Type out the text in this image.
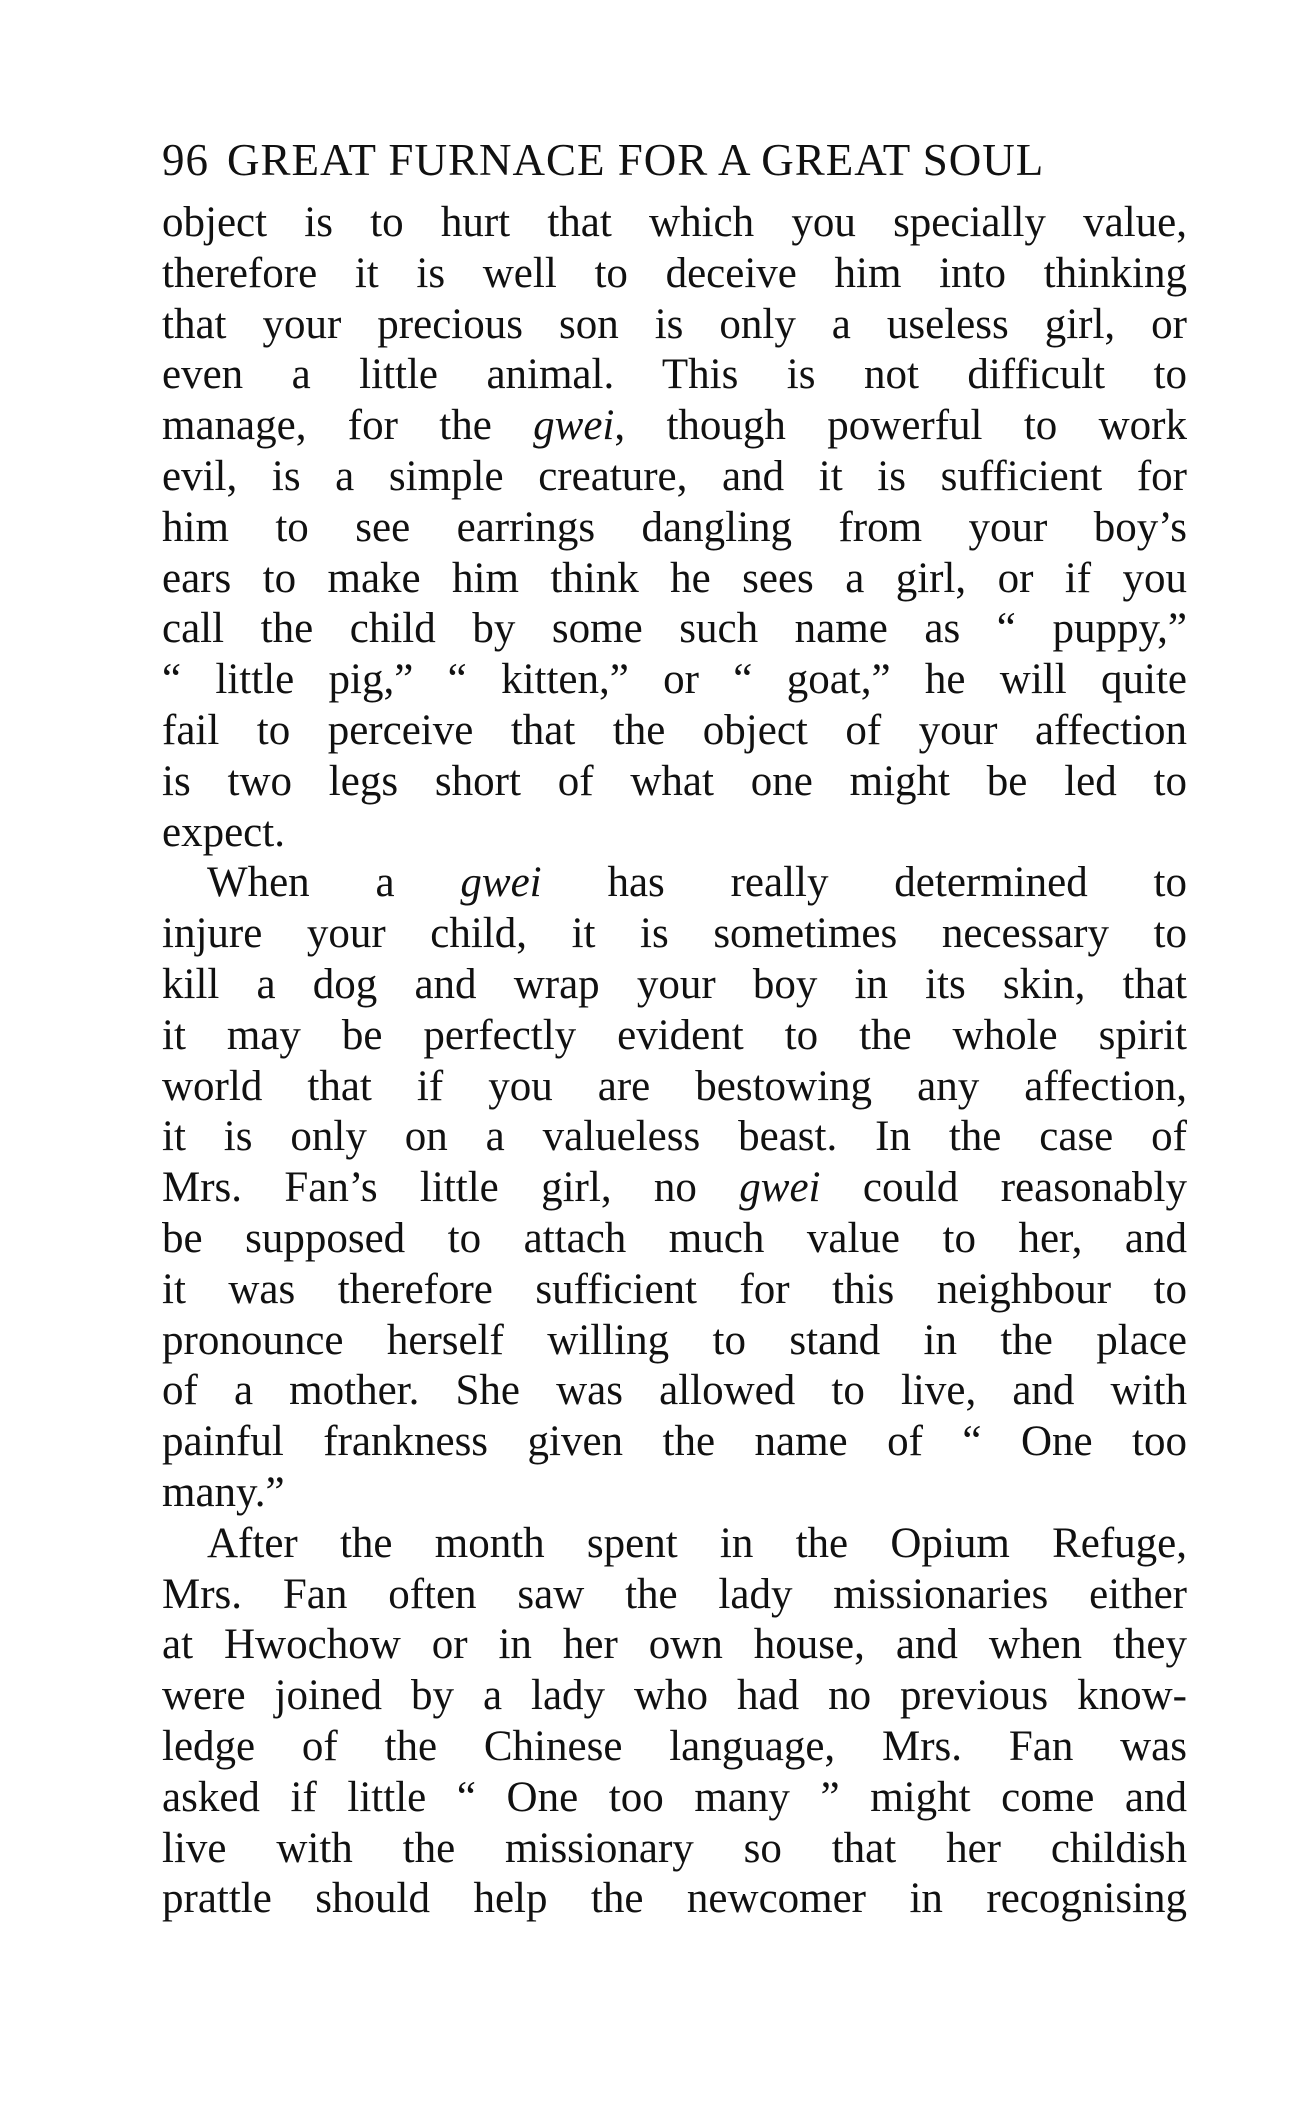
96 GREAT FURNACE FOR A GREAT SOUL
object is to hurt that which you specially value,
therefore it is well to deceive him into thinking
that your precious son is only a useless girl, or
even a little animal. This is not difficult to
manage, for the gwei, though powerful to work
evil, is a simple creature, and it is sufficient for
him to see earrings dangling from your boy’s
ears to make him think he sees a girl, or if you
call the child by some such name as “ puppy,”
“ little pig,” “ kitten,” or “ goat,” he will quite
fail to perceive that the object of your affection
is two legs short of what one might be led to
expect.
When a gwei has really determined to
injure your child, it is sometimes necessary to
kill a dog and wrap your boy in its skin, that
it may be perfectly evident to the whole spirit
world that if you are bestowing any affection,
it is only on a valueless beast. In the case of
Mrs. Fan’s little girl, no gwei could reasonably
be supposed to attach much value to her, and
it was therefore sufficient for this neighbour to
pronounce herself willing to stand in the place
of a mother. She was allowed to live, and with
painful frankness given the name of “ One too
many.”
After the month spent in the Opium Refuge,
Mrs. Fan often saw the lady missionaries either
at Hwochow or in her own house, and when they
were joined by a lady who had no previous know-
ledge of the Chinese language, Mrs. Fan was
asked if little “ One too many ” might come and
live with the missionary so that her childish
prattle should help the newcomer in recognising
